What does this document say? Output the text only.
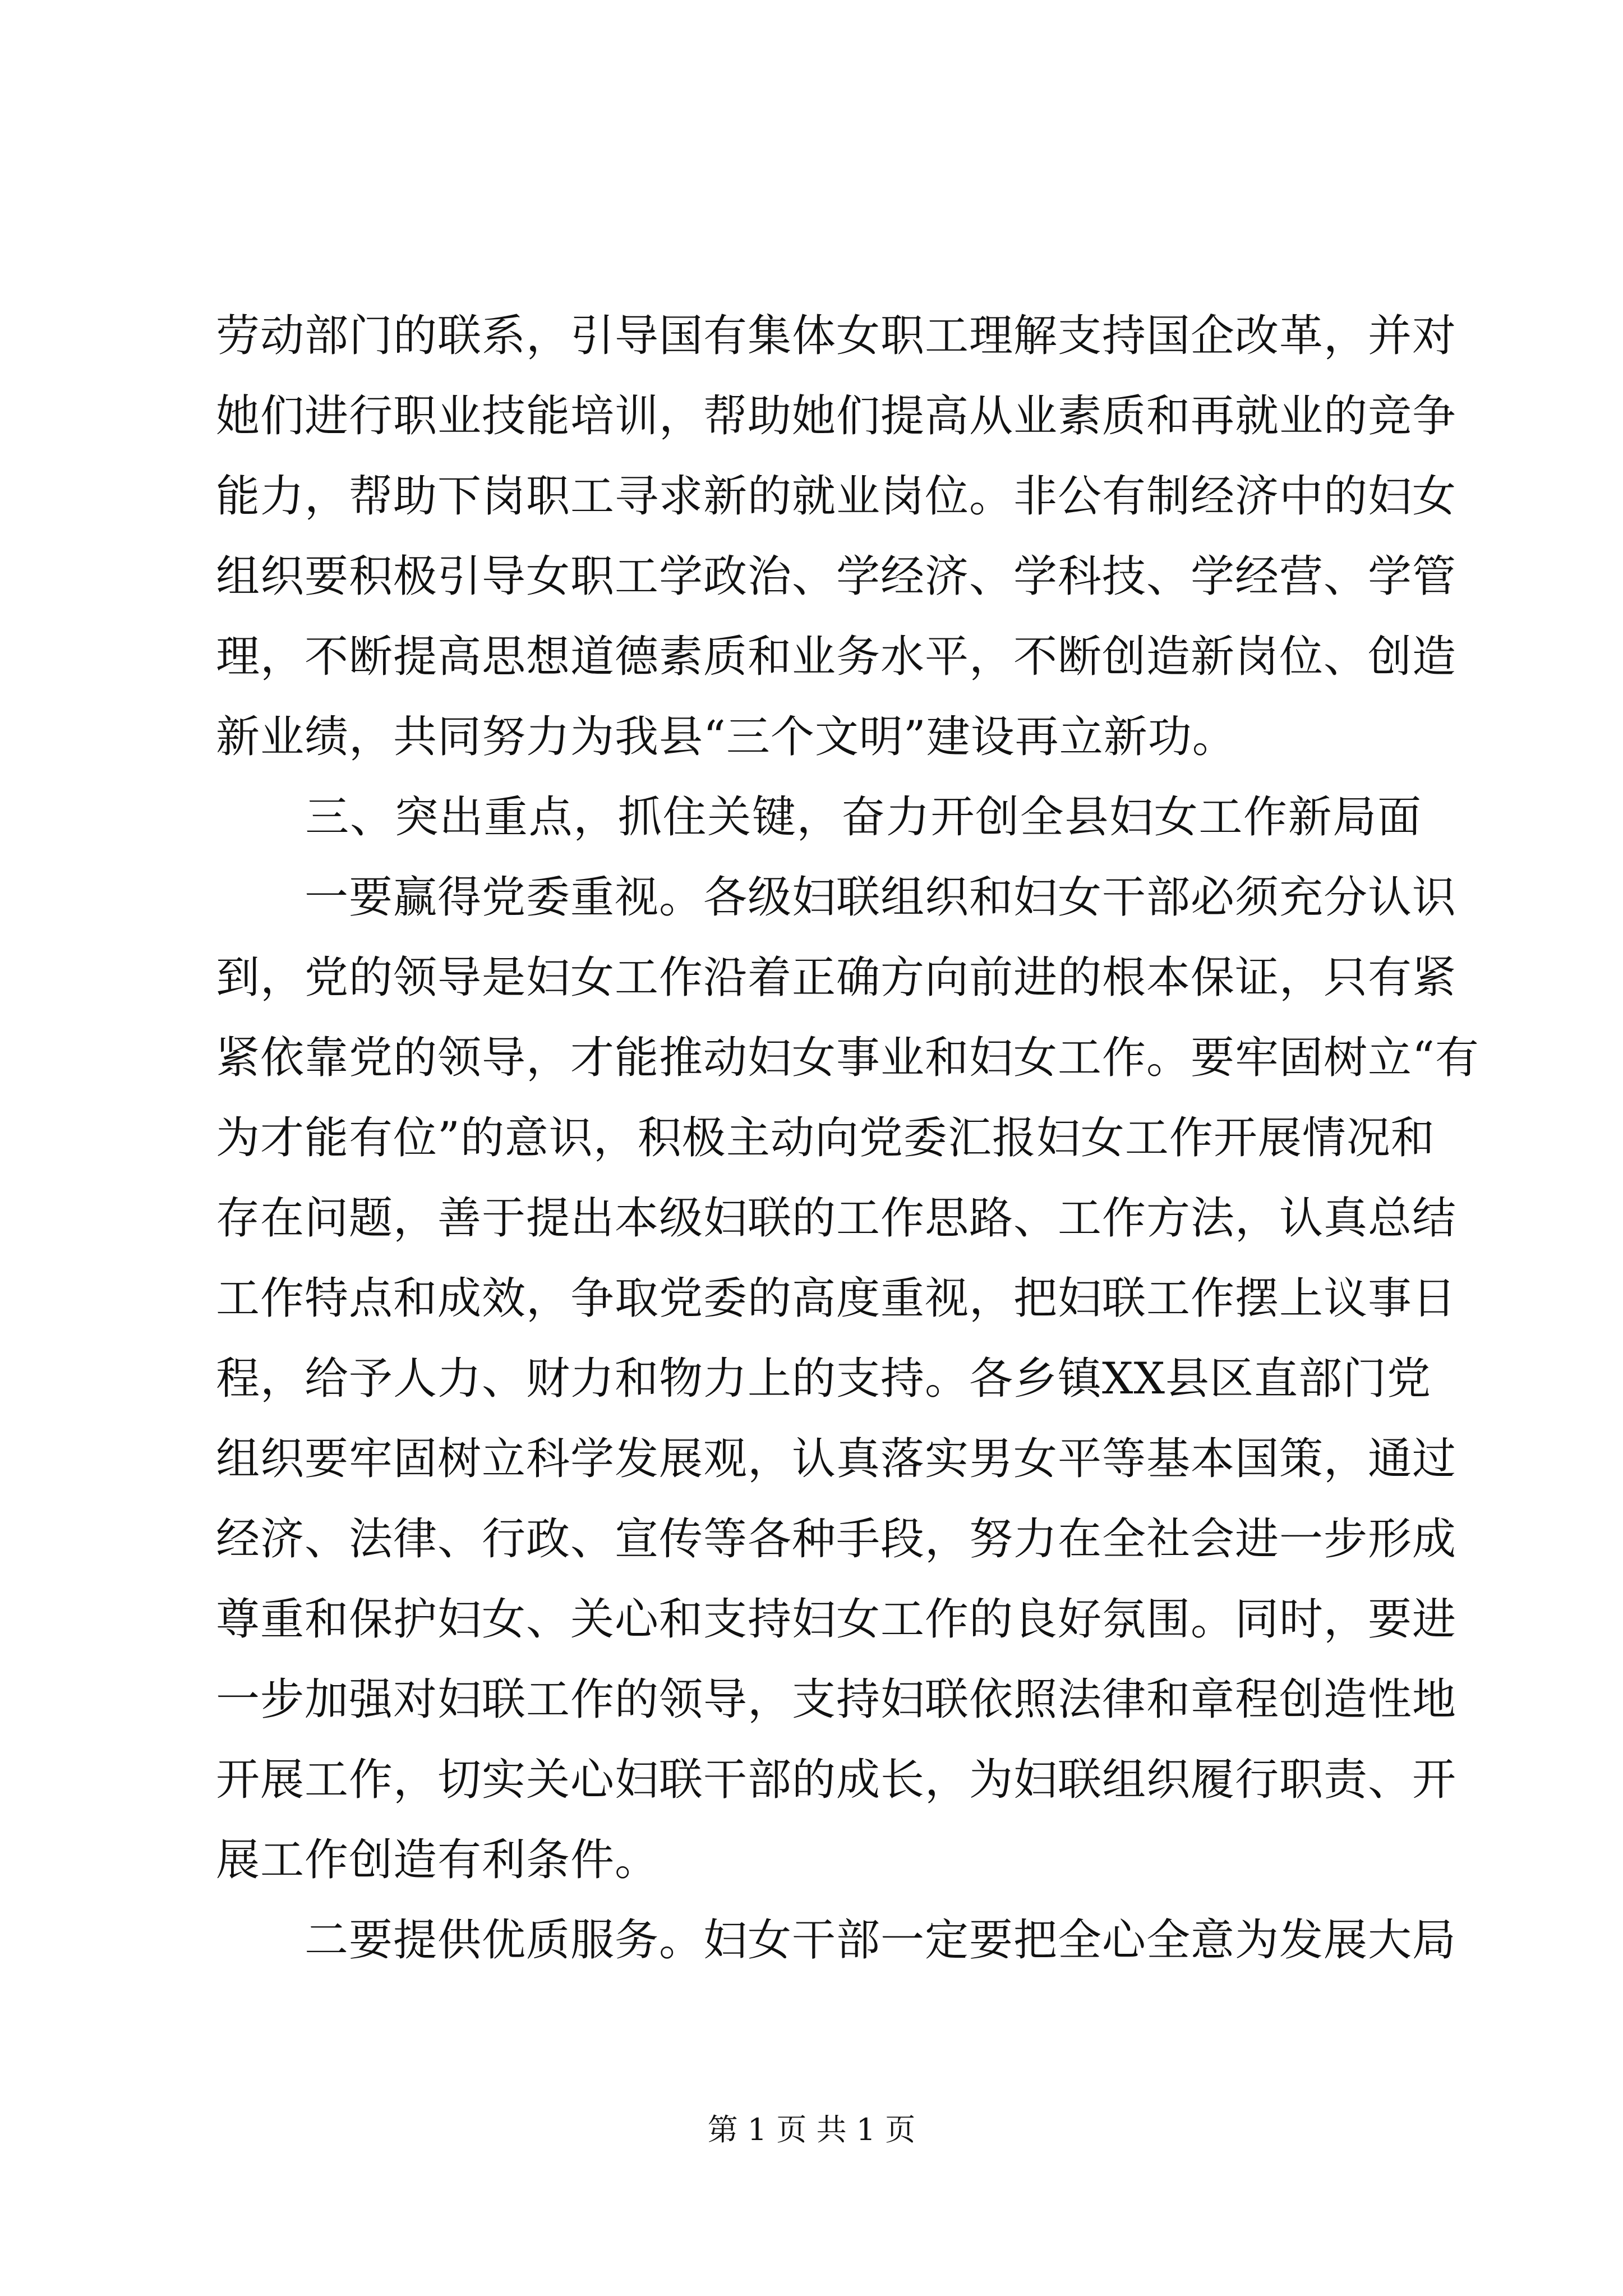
劳动部门的联系，引导国有集体女职工理解支持国企改革，并对
她们进行职业技能培训，帮助她们提高从业素质和再就业的竞争
能力，帮助下岗职工寻求新的就业岗位。非公有制经济中的妇女
组织要积极引导女职工学政治、学经济、学科技、学经营、学管
理，不断提高思想道德素质和业务水平，不断创造新岗位、创造
新业绩，共同努力为我县“三个文明”建设再立新功。
　　三、突出重点，抓住关键，奋力开创全县妇女工作新局面
　　一要赢得党委重视。各级妇联组织和妇女干部必须充分认识
到，党的领导是妇女工作沿着正确方向前进的根本保证，只有紧
紧依靠党的领导，才能推动妇女事业和妇女工作。要牢固树立“有
为才能有位”的意识，积极主动向党委汇报妇女工作开展情况和
存在问题，善于提出本级妇联的工作思路、工作方法，认真总结
工作特点和成效，争取党委的高度重视，把妇联工作摆上议事日
程，给予人力、财力和物力上的支持。各乡镇XX县区直部门党
组织要牢固树立科学发展观，认真落实男女平等基本国策，通过
经济、法律、行政、宣传等各种手段，努力在全社会进一步形成
尊重和保护妇女、关心和支持妇女工作的良好氛围。同时，要进
一步加强对妇联工作的领导，支持妇联依照法律和章程创造性地
开展工作，切实关心妇联干部的成长，为妇联组织履行职责、开
展工作创造有利条件。
　　二要提供优质服务。妇女干部一定要把全心全意为发展大局
第 1 页 共 1 页
